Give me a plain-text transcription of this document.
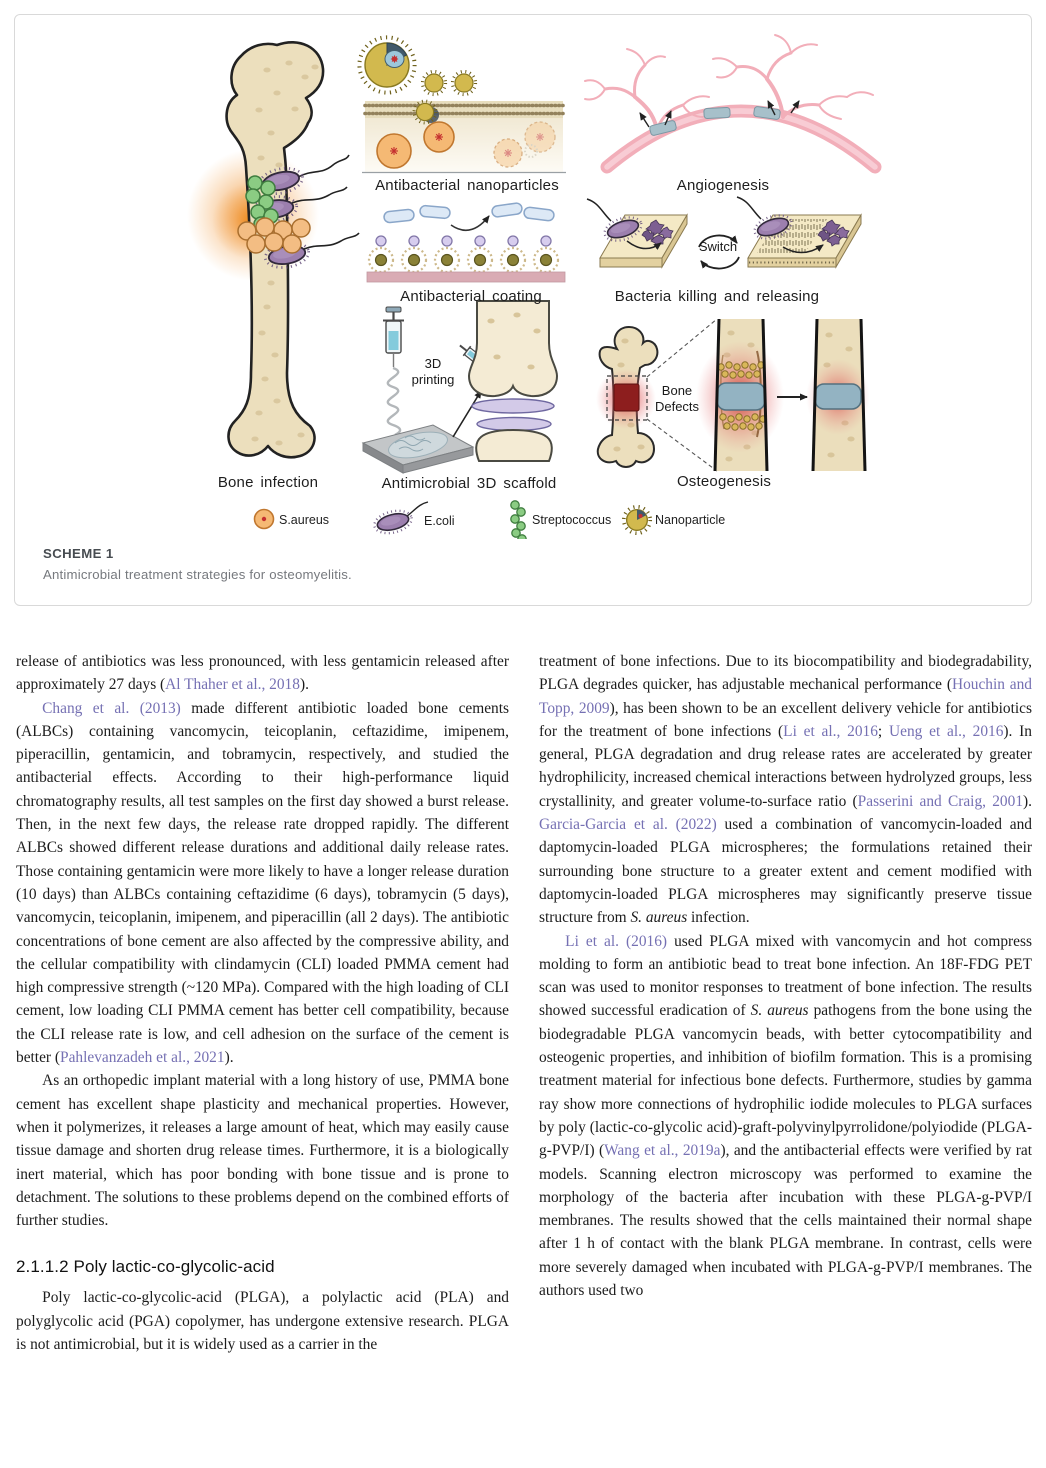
Bone infection
Antibacterial nanoparticles	Angiogenesis
Antibacterial coating	Bacteria killing and releasing
Antimicrobial 3D scaffold	Osteogenesis
3D
printing
Switch
Bone
Defects
S.aureus	E.coli	Streptococcus	Nanoparticle
SCHEME 1
Antimicrobial treatment strategies for osteomyelitis.

release of antibiotics was less pronounced, with less gentamicin released after approximately 27 days (Al Thaher et al., 2018).

Chang et al. (2013) made different antibiotic loaded bone cements (ALBCs) containing vancomycin, teicoplanin, ceftazidime, imipenem, piperacillin, gentamicin, and tobramycin, respectively, and studied the antibacterial effects. According to their high-performance liquid chromatography results, all test samples on the first day showed a burst release. Then, in the next few days, the release rate dropped rapidly. The different ALBCs showed different release durations and additional daily release rates. Those containing gentamicin were more likely to have a longer release duration (10 days) than ALBCs containing ceftazidime (6 days), tobramycin (5 days), vancomycin, teicoplanin, imipenem, and piperacillin (all 2 days). The antibiotic concentrations of bone cement are also affected by the compressive ability, and the cellular compatibility with clindamycin (CLI) loaded PMMA cement had high compressive strength (~120 MPa). Compared with the high loading of CLI cement, low loading CLI PMMA cement has better cell compatibility, because the CLI release rate is low, and cell adhesion on the surface of the cement is better (Pahlevanzadeh et al., 2021).

As an orthopedic implant material with a long history of use, PMMA bone cement has excellent shape plasticity and mechanical properties. However, when it polymerizes, it releases a large amount of heat, which may easily cause tissue damage and shorten drug release times. Furthermore, it is a biologically inert material, which has poor bonding with bone tissue and is prone to detachment. The solutions to these problems depend on the combined efforts of further studies.

2.1.1.2 Poly lactic-co-glycolic-acid

Poly lactic-co-glycolic-acid (PLGA), a polylactic acid (PLA) and polyglycolic acid (PGA) copolymer, has undergone extensive research. PLGA is not antimicrobial, but it is widely used as a carrier in the

treatment of bone infections. Due to its biocompatibility and biodegradability, PLGA degrades quicker, has adjustable mechanical performance (Houchin and Topp, 2009), has been shown to be an excellent delivery vehicle for antibiotics for the treatment of bone infections (Li et al., 2016; Ueng et al., 2016). In general, PLGA degradation and drug release rates are accelerated by greater hydrophilicity, increased chemical interactions between hydrolyzed groups, less crystallinity, and greater volume-to-surface ratio (Passerini and Craig, 2001). Garcia-Garcia et al. (2022) used a combination of vancomycin-loaded and daptomycin-loaded PLGA microspheres; the formulations retained their surrounding bone structure to a greater extent and cement modified with daptomycin-loaded PLGA microspheres may significantly preserve tissue structure from S. aureus infection.

Li et al. (2016) used PLGA mixed with vancomycin and hot compress molding to form an antibiotic bead to treat bone infection. An 18F-FDG PET scan was used to monitor responses to treatment of bone infection. The results showed successful eradication of S. aureus pathogens from the bone using the biodegradable PLGA vancomycin beads, with better cytocompatibility and osteogenic properties, and inhibition of biofilm formation. This is a promising treatment material for infectious bone defects. Furthermore, studies by gamma ray show more connections of hydrophilic iodide molecules to PLGA surfaces by poly (lactic-co-glycolic acid)-graft-polyvinylpyrrolidone/polyiodide (PLGA-g-PVP/I) (Wang et al., 2019a), and the antibacterial effects were verified by rat models. Scanning electron microscopy was performed to examine the morphology of the bacteria after incubation with these PLGA-g-PVP/I membranes. The results showed that the cells maintained their normal shape after 1 h of contact with the blank PLGA membrane. In contrast, cells were more severely damaged when incubated with PLGA-g-PVP/I membranes. The authors used two
